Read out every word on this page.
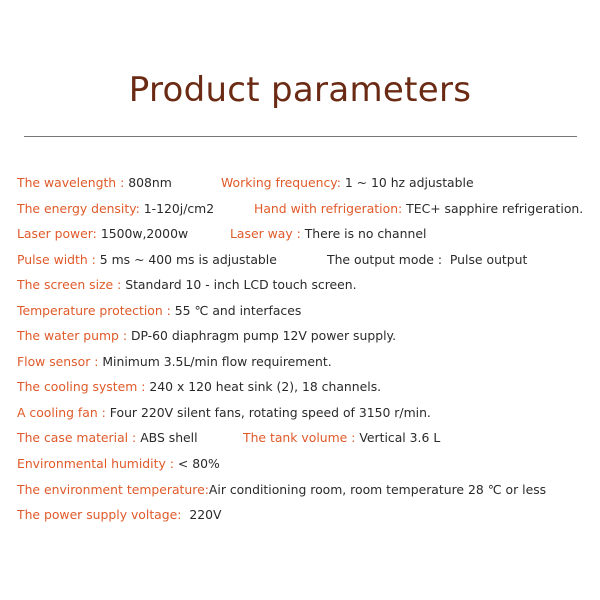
Product parameters
The wavelength : 808nm	Working frequency: 1 ~ 10 hz adjustable
The energy density: 1-120j/cm2	Hand with refrigeration: TEC+ sapphire refrigeration.
Laser power: 1500w,2000w	Laser way : There is no channel
Pulse width : 5 ms ~ 400 ms is adjustable	The output mode :  Pulse output
The screen size : Standard 10 - inch LCD touch screen.
Temperature protection : 55 ℃ and interfaces
The water pump : DP-60 diaphragm pump 12V power supply.
Flow sensor : Minimum 3.5L/min flow requirement.
The cooling system : 240 x 120 heat sink (2), 18 channels.
A cooling fan : Four 220V silent fans, rotating speed of 3150 r/min.
The case material : ABS shell	The tank volume : Vertical 3.6 L
Environmental humidity : < 80%
The environment temperature:Air conditioning room, room temperature 28 ℃ or less
The power supply voltage:  220V
